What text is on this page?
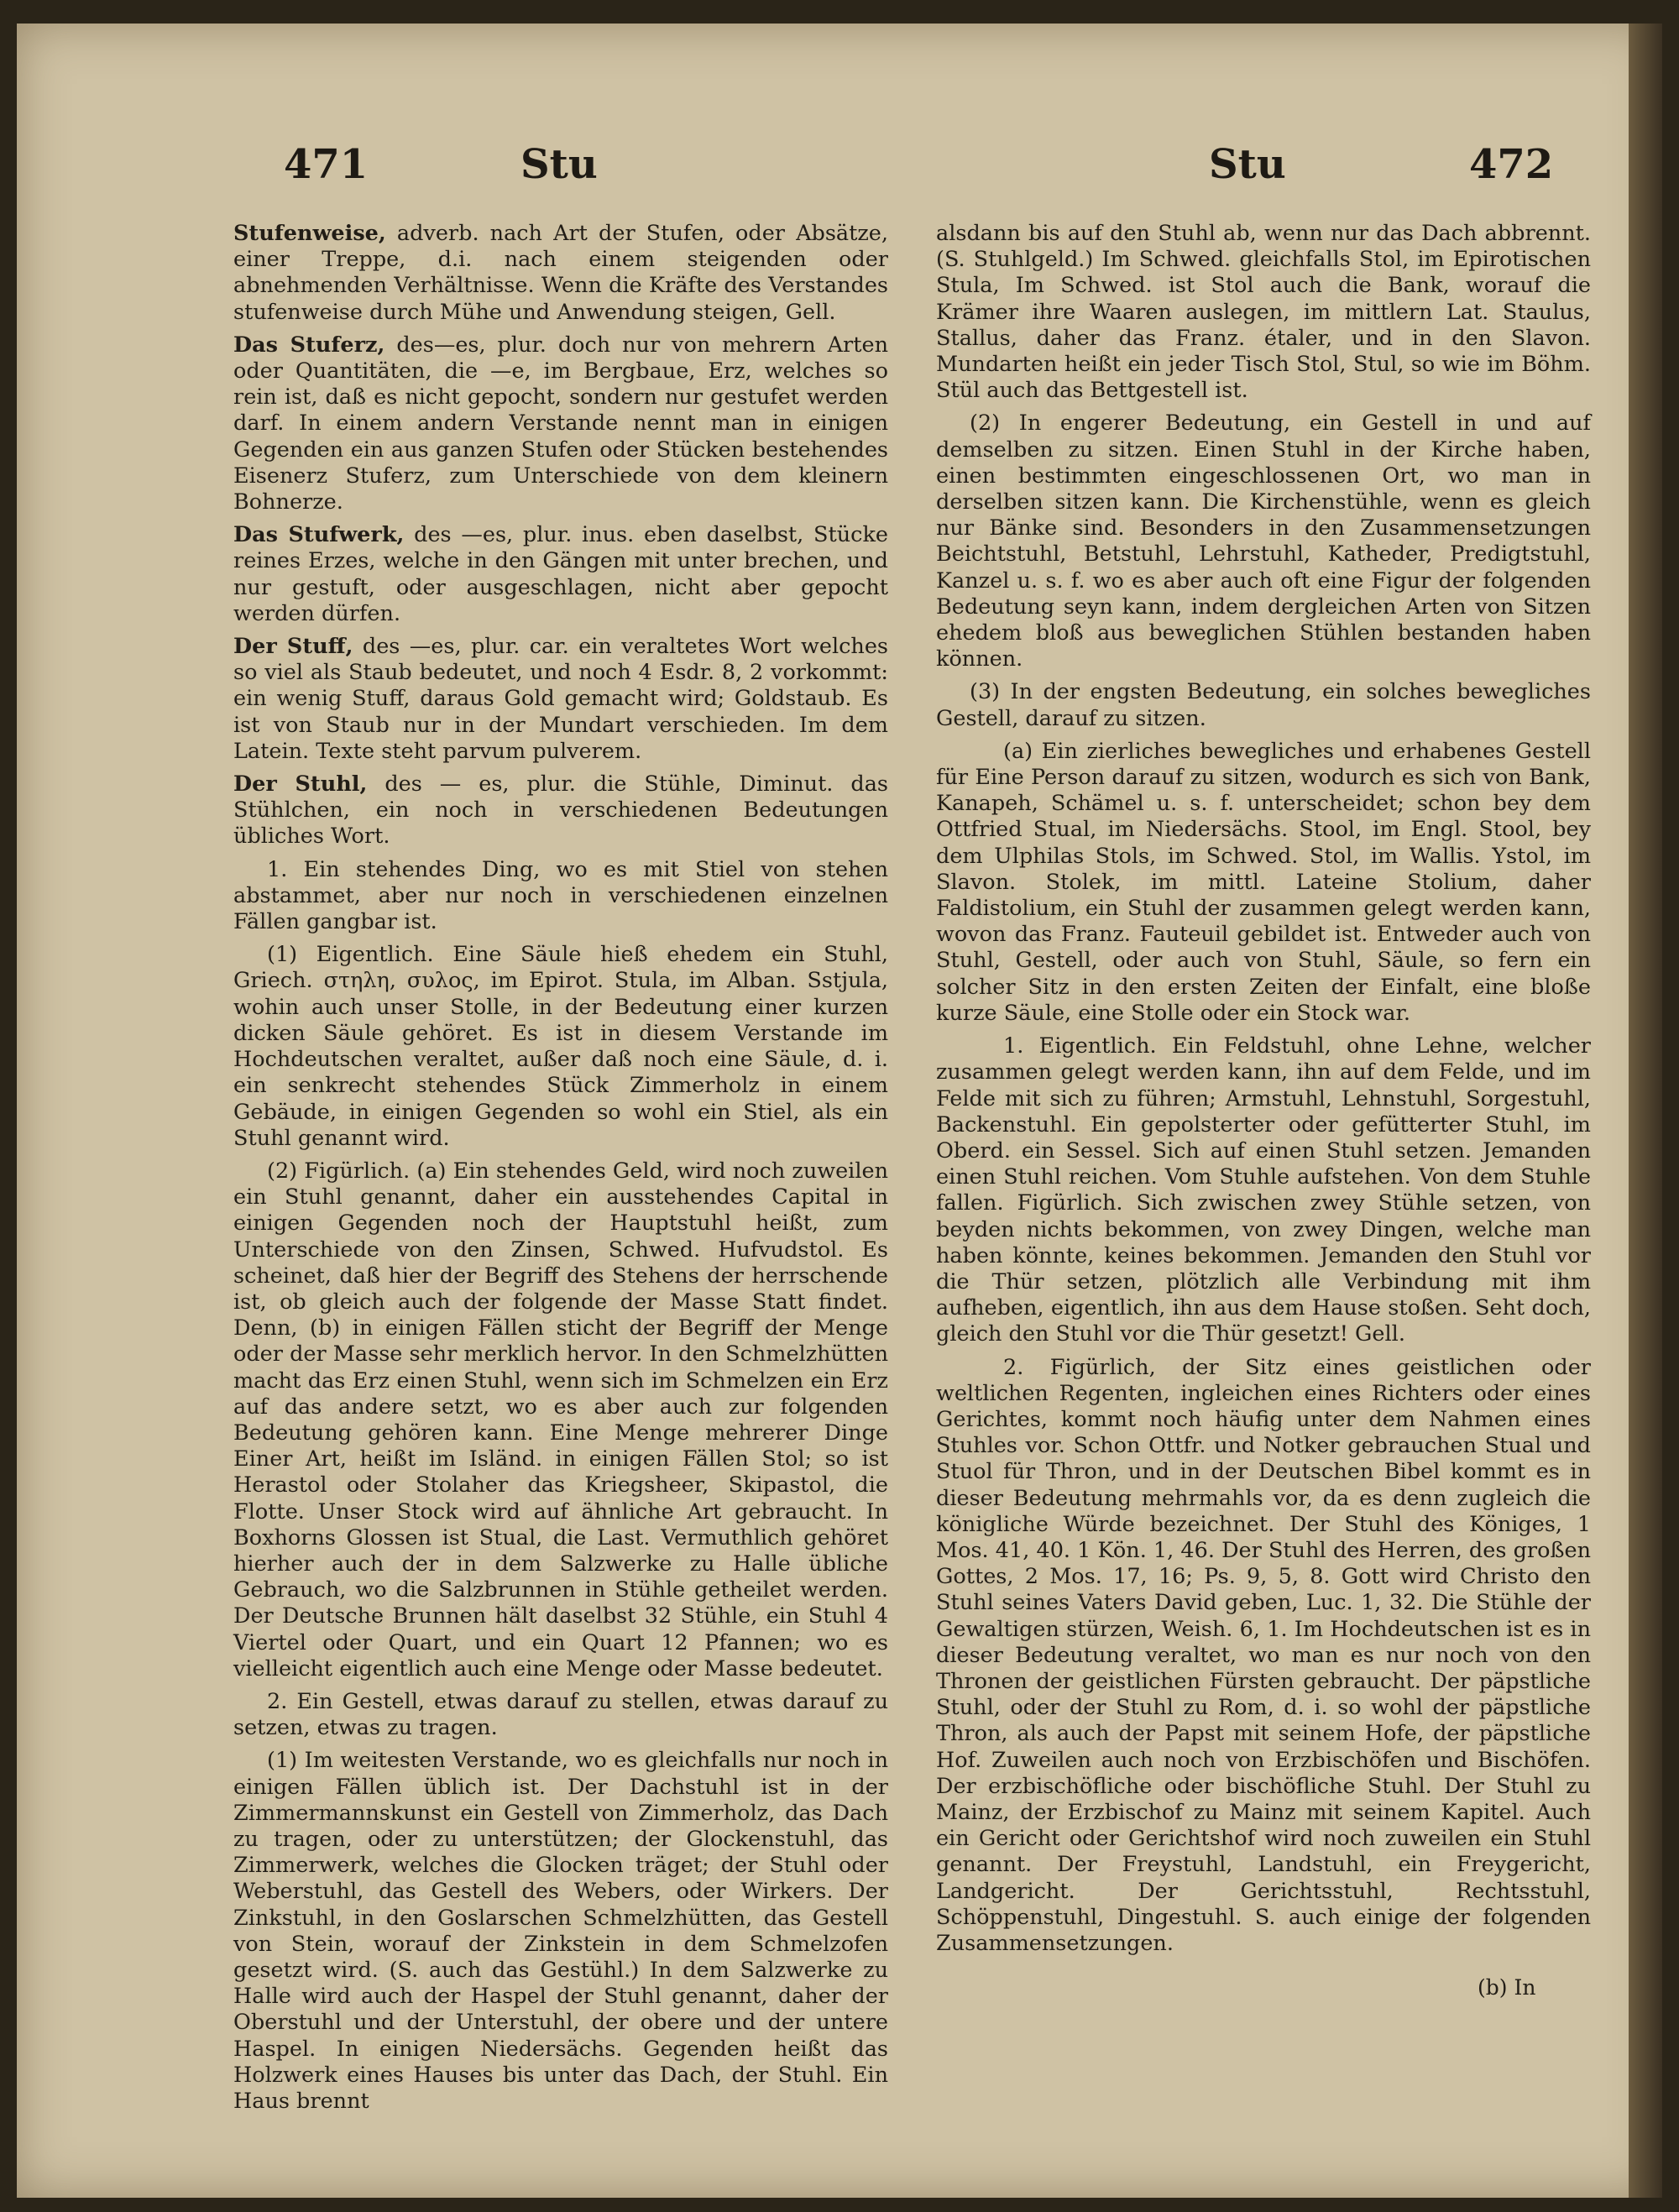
471	Stu	Stu	472

Stufenweise, adverb. nach Art der Stufen, oder Absätze, einer Treppe, d.i. nach einem steigenden oder abnehmenden Verhältnisse. Wenn die Kräfte des Verstandes stufenweise durch Mühe und Anwendung steigen, Gell.

Das Stuferz, des—es, plur. doch nur von mehrern Arten oder Quantitäten, die —e, im Bergbaue, Erz, welches so rein ist, daß es nicht gepocht, sondern nur gestufet werden darf. In einem andern Verstande nennt man in einigen Gegenden ein aus ganzen Stufen oder Stücken bestehendes Eisenerz Stuferz, zum Unterschiede von dem kleinern Bohnerze.

Das Stufwerk, des —es, plur. inus. eben daselbst, Stücke reines Erzes, welche in den Gängen mit unter brechen, und nur gestuft, oder ausgeschlagen, nicht aber gepocht werden dürfen.

Der Stuff, des —es, plur. car. ein veraltetes Wort welches so viel als Staub bedeutet, und noch 4 Esdr. 8, 2 vorkommt: ein wenig Stuff, daraus Gold gemacht wird; Goldstaub. Es ist von Staub nur in der Mundart verschieden. Im dem Latein. Texte steht parvum pulverem.

Der Stuhl, des — es, plur. die Stühle, Diminut. das Stühlchen, ein noch in verschiedenen Bedeutungen übliches Wort.

1. Ein stehendes Ding, wo es mit Stiel von stehen abstammet, aber nur noch in verschiedenen einzelnen Fällen gangbar ist.

(1) Eigentlich. Eine Säule hieß ehedem ein Stuhl, Griech. στηλη, συλος, im Epirot. Stula, im Alban. Sstjula, wohin auch unser Stolle, in der Bedeutung einer kurzen dicken Säule gehöret. Es ist in diesem Verstande im Hochdeutschen veraltet, außer daß noch eine Säule, d. i. ein senkrecht stehendes Stück Zimmerholz in einem Gebäude, in einigen Gegenden so wohl ein Stiel, als ein Stuhl genannt wird.

(2) Figürlich. (a) Ein stehendes Geld, wird noch zuweilen ein Stuhl genannt, daher ein ausstehendes Capital in einigen Gegenden noch der Hauptstuhl heißt, zum Unterschiede von den Zinsen, Schwed. Hufvudstol. Es scheinet, daß hier der Begriff des Stehens der herrschende ist, ob gleich auch der folgende der Masse Statt findet. Denn, (b) in einigen Fällen sticht der Begriff der Menge oder der Masse sehr merklich hervor. In den Schmelzhütten macht das Erz einen Stuhl, wenn sich im Schmelzen ein Erz auf das andere setzt, wo es aber auch zur folgenden Bedeutung gehören kann. Eine Menge mehrerer Dinge Einer Art, heißt im Isländ. in einigen Fällen Stol; so ist Herastol oder Stolaher das Kriegsheer, Skipastol, die Flotte. Unser Stock wird auf ähnliche Art gebraucht. In Boxhorns Glossen ist Stual, die Last. Vermuthlich gehöret hierher auch der in dem Salzwerke zu Halle übliche Gebrauch, wo die Salzbrunnen in Stühle getheilet werden. Der Deutsche Brunnen hält daselbst 32 Stühle, ein Stuhl 4 Viertel oder Quart, und ein Quart 12 Pfannen; wo es vielleicht eigentlich auch eine Menge oder Masse bedeutet.

2. Ein Gestell, etwas darauf zu stellen, etwas darauf zu setzen, etwas zu tragen.

(1) Im weitesten Verstande, wo es gleichfalls nur noch in einigen Fällen üblich ist. Der Dachstuhl ist in der Zimmermannskunst ein Gestell von Zimmerholz, das Dach zu tragen, oder zu unterstützen; der Glockenstuhl, das Zimmerwerk, welches die Glocken träget; der Stuhl oder Weberstuhl, das Gestell des Webers, oder Wirkers. Der Zinkstuhl, in den Goslarschen Schmelzhütten, das Gestell von Stein, worauf der Zinkstein in dem Schmelzofen gesetzt wird. (S. auch das Gestühl.) In dem Salzwerke zu Halle wird auch der Haspel der Stuhl genannt, daher der Oberstuhl und der Unterstuhl, der obere und der untere Haspel. In einigen Niedersächs. Gegenden heißt das Holzwerk eines Hauses bis unter das Dach, der Stuhl. Ein Haus brennt

alsdann bis auf den Stuhl ab, wenn nur das Dach abbrennt. (S. Stuhlgeld.) Im Schwed. gleichfalls Stol, im Epirotischen Stula, Im Schwed. ist Stol auch die Bank, worauf die Krämer ihre Waaren auslegen, im mittlern Lat. Staulus, Stallus, daher das Franz. étaler, und in den Slavon. Mundarten heißt ein jeder Tisch Stol, Stul, so wie im Böhm. Stül auch das Bettgestell ist.

(2) In engerer Bedeutung, ein Gestell in und auf demselben zu sitzen. Einen Stuhl in der Kirche haben, einen bestimmten eingeschlossenen Ort, wo man in derselben sitzen kann. Die Kirchenstühle, wenn es gleich nur Bänke sind. Besonders in den Zusammensetzungen Beichtstuhl, Betstuhl, Lehrstuhl, Katheder, Predigtstuhl, Kanzel u. s. f. wo es aber auch oft eine Figur der folgenden Bedeutung seyn kann, indem dergleichen Arten von Sitzen ehedem bloß aus beweglichen Stühlen bestanden haben können.

(3) In der engsten Bedeutung, ein solches bewegliches Gestell, darauf zu sitzen.

(a) Ein zierliches bewegliches und erhabenes Gestell für Eine Person darauf zu sitzen, wodurch es sich von Bank, Kanapeh, Schämel u. s. f. unterscheidet; schon bey dem Ottfried Stual, im Niedersächs. Stool, im Engl. Stool, bey dem Ulphilas Stols, im Schwed. Stol, im Wallis. Ystol, im Slavon. Stolek, im mittl. Lateine Stolium, daher Faldistolium, ein Stuhl der zusammen gelegt werden kann, wovon das Franz. Fauteuil gebildet ist. Entweder auch von Stuhl, Gestell, oder auch von Stuhl, Säule, so fern ein solcher Sitz in den ersten Zeiten der Einfalt, eine bloße kurze Säule, eine Stolle oder ein Stock war.

1. Eigentlich. Ein Feldstuhl, ohne Lehne, welcher zusammen gelegt werden kann, ihn auf dem Felde, und im Felde mit sich zu führen; Armstuhl, Lehnstuhl, Sorgestuhl, Backenstuhl. Ein gepolsterter oder gefütterter Stuhl, im Oberd. ein Sessel. Sich auf einen Stuhl setzen. Jemanden einen Stuhl reichen. Vom Stuhle aufstehen. Von dem Stuhle fallen. Figürlich. Sich zwischen zwey Stühle setzen, von beyden nichts bekommen, von zwey Dingen, welche man haben könnte, keines bekommen. Jemanden den Stuhl vor die Thür setzen, plötzlich alle Verbindung mit ihm aufheben, eigentlich, ihn aus dem Hause stoßen. Seht doch, gleich den Stuhl vor die Thür gesetzt! Gell.

2. Figürlich, der Sitz eines geistlichen oder weltlichen Regenten, ingleichen eines Richters oder eines Gerichtes, kommt noch häufig unter dem Nahmen eines Stuhles vor. Schon Ottfr. und Notker gebrauchen Stual und Stuol für Thron, und in der Deutschen Bibel kommt es in dieser Bedeutung mehrmahls vor, da es denn zugleich die königliche Würde bezeichnet. Der Stuhl des Königes, 1 Mos. 41, 40. 1 Kön. 1, 46. Der Stuhl des Herren, des großen Gottes, 2 Mos. 17, 16; Ps. 9, 5, 8. Gott wird Christo den Stuhl seines Vaters David geben, Luc. 1, 32. Die Stühle der Gewaltigen stürzen, Weish. 6, 1. Im Hochdeutschen ist es in dieser Bedeutung veraltet, wo man es nur noch von den Thronen der geistlichen Fürsten gebraucht. Der päpstliche Stuhl, oder der Stuhl zu Rom, d. i. so wohl der päpstliche Thron, als auch der Papst mit seinem Hofe, der päpstliche Hof. Zuweilen auch noch von Erzbischöfen und Bischöfen. Der erzbischöfliche oder bischöfliche Stuhl. Der Stuhl zu Mainz, der Erzbischof zu Mainz mit seinem Kapitel. Auch ein Gericht oder Gerichtshof wird noch zuweilen ein Stuhl genannt. Der Freystuhl, Landstuhl, ein Freygericht, Landgericht. Der Gerichtsstuhl, Rechtsstuhl, Schöppenstuhl, Dingestuhl. S. auch einige der folgenden Zusammensetzungen.

(b) In
